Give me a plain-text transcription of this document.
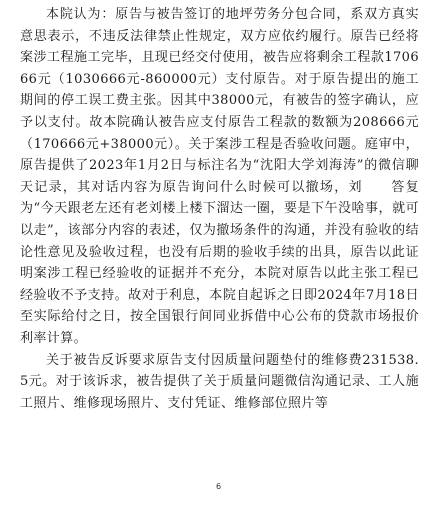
本院认为：原告与被告签订的地坪劳务分包合同，系双方真实意思表示，不违反法律禁止性规定，双方应依约履行。原告已经将案涉工程施工完毕，且现已经交付使用，被告应将剩余工程款170666元（1030666元-860000元）支付原告。对于原告提出的施工期间的停工误工费主张。因其中38000元，有被告的签字确认，应予以支付。故本院确认被告应支付原告工程款的数额为208666元（170666元+38000元）。关于案涉工程是否验收问题。庭审中，原告提供了2023年1月2日与标注名为“沈阳大学刘海涛”的微信聊天记录，其对话内容为原告询问什么时候可以撤场，刘　　答复为“今天跟老左还有老刘楼上楼下溜达一圈，要是下午没啥事，就可以走”，该部分内容的表述，仅为撤场条件的沟通，并没有验收的结论性意见及验收过程，也没有后期的验收手续的出具，原告以此证明案涉工程已经验收的证据并不充分，本院对原告以此主张工程已经验收不予支持。故对于利息，本院自起诉之日即2024年7月18日至实际给付之日，按全国银行间同业拆借中心公布的贷款市场报价利率计算。

关于被告反诉要求原告支付因质量问题垫付的维修费231538.5元。对于该诉求，被告提供了关于质量问题微信沟通记录、工人施工照片、维修现场照片、支付凭证、维修部位照片等

6
